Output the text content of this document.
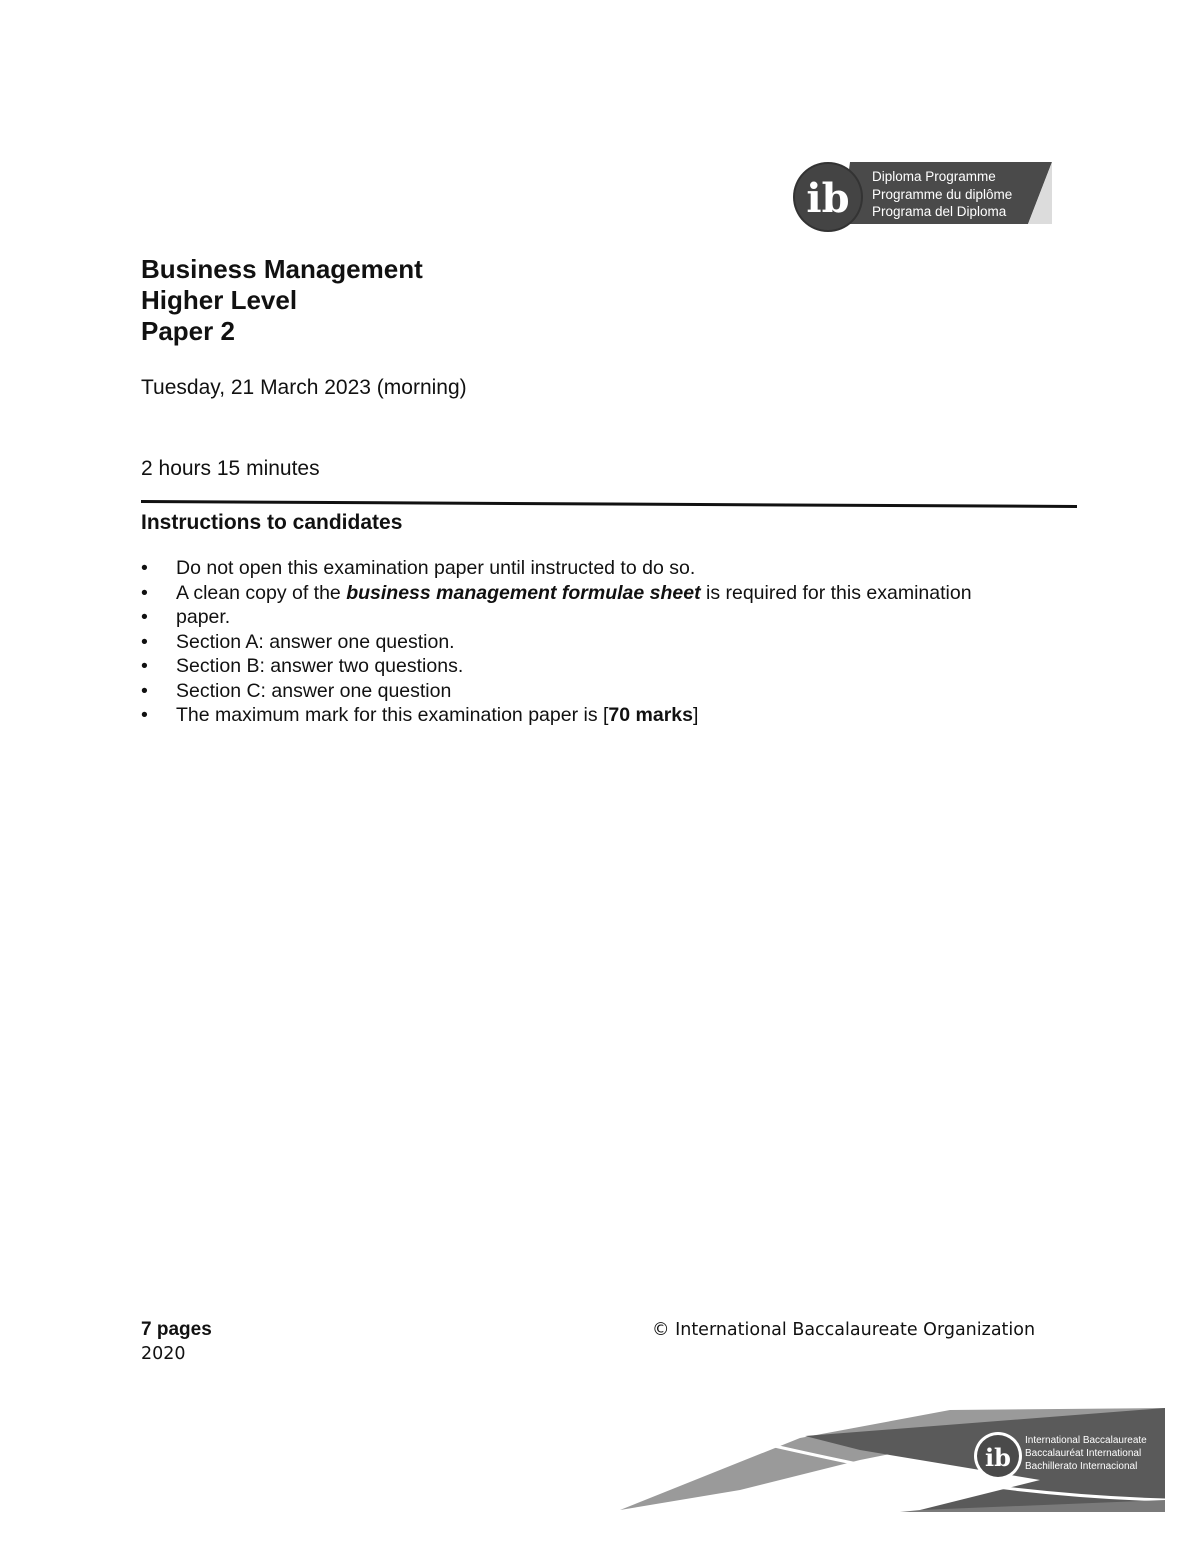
ib Diploma Programme
Programme du diplôme
Programa del Diploma
Business Management
Higher Level
Paper 2
Tuesday, 21 March 2023 (morning)
2 hours 15 minutes
Instructions to candidates
•	Do not open this examination paper until instructed to do so.
•	A clean copy of the business management formulae sheet is required for this examination
•	paper.
•	Section A: answer one question.
•	Section B: answer two questions.
•	Section C: answer one question
•	The maximum mark for this examination paper is [70 marks]
7 pages
2020
© International Baccalaureate Organization
ib
International Baccalaureate
Baccalauréat International
Bachillerato Internacional
